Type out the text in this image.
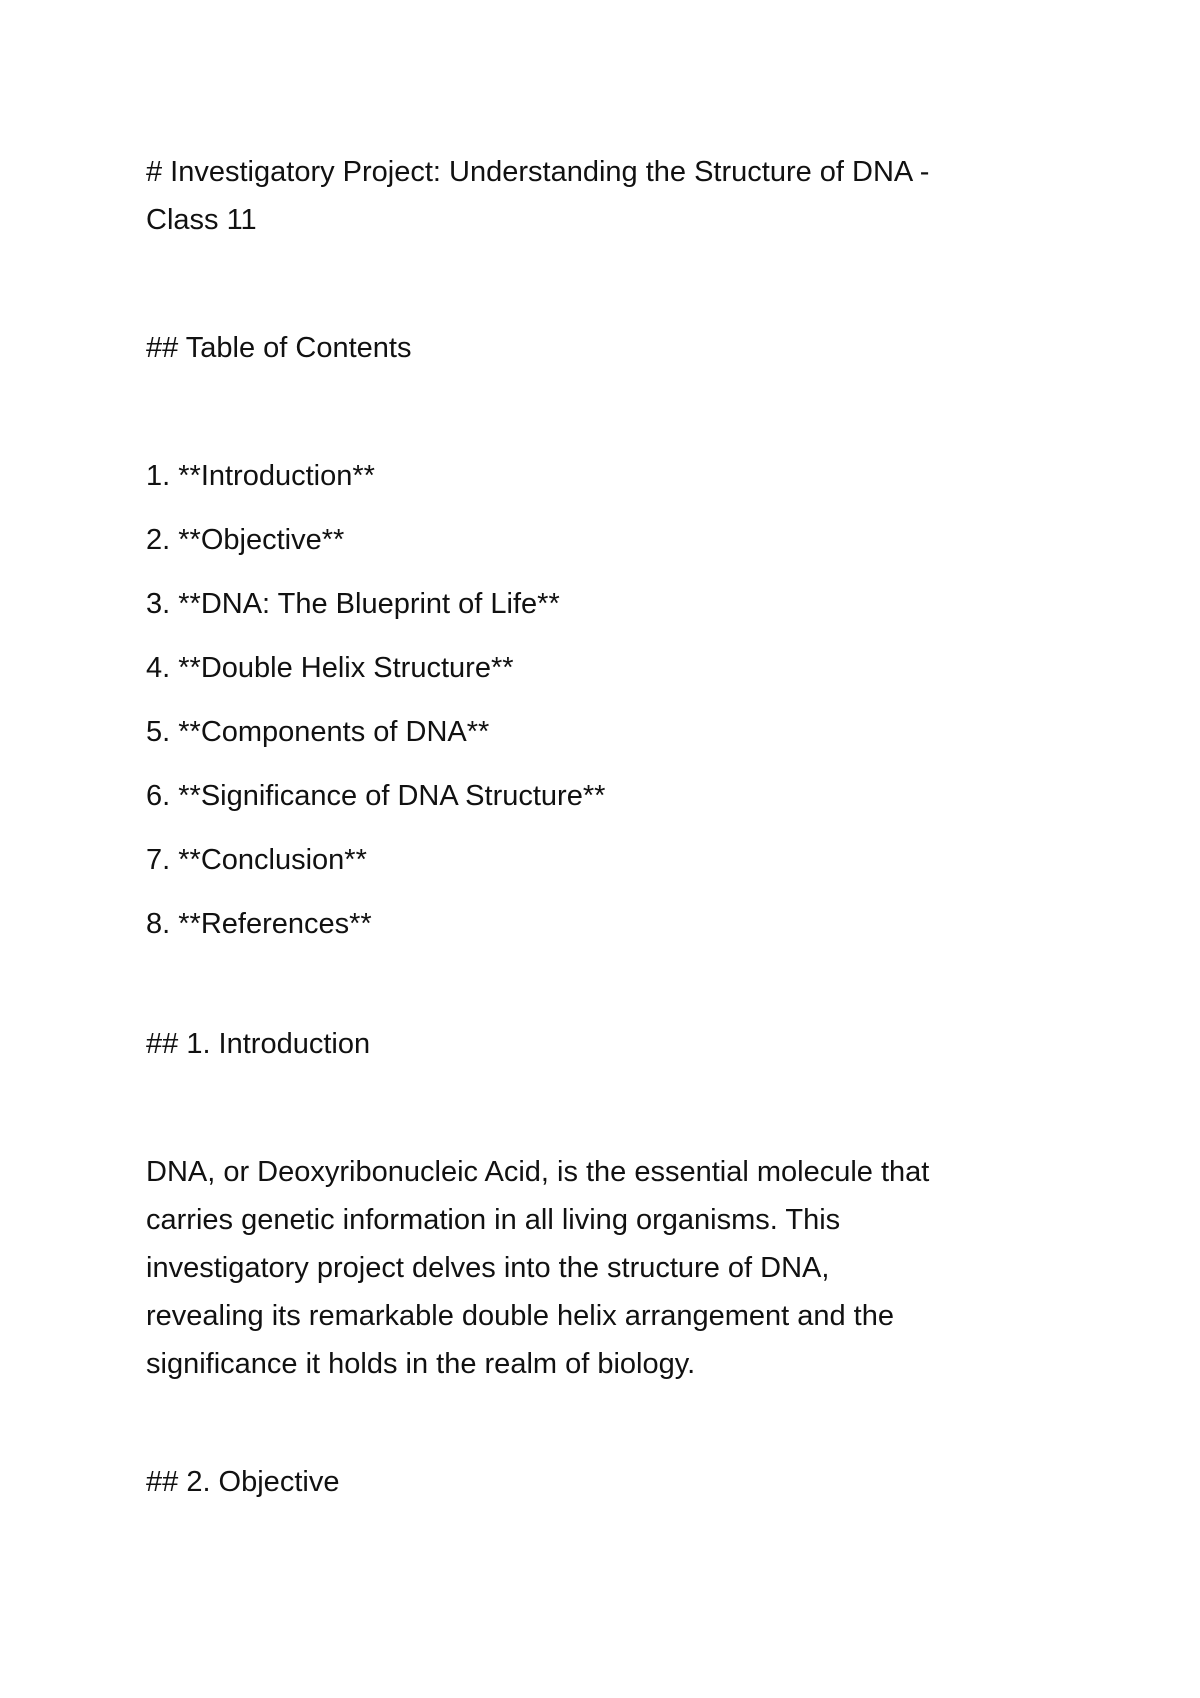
# Investigatory Project: Understanding the Structure of DNA -

Class 11

## Table of Contents

1. **Introduction**
2. **Objective**
3. **DNA: The Blueprint of Life**
4. **Double Helix Structure**
5. **Components of DNA**
6. **Significance of DNA Structure**
7. **Conclusion**
8. **References**

## 1. Introduction

DNA, or Deoxyribonucleic Acid, is the essential molecule that

carries genetic information in all living organisms. This

investigatory project delves into the structure of DNA,

revealing its remarkable double helix arrangement and the

significance it holds in the realm of biology.

## 2. Objective
